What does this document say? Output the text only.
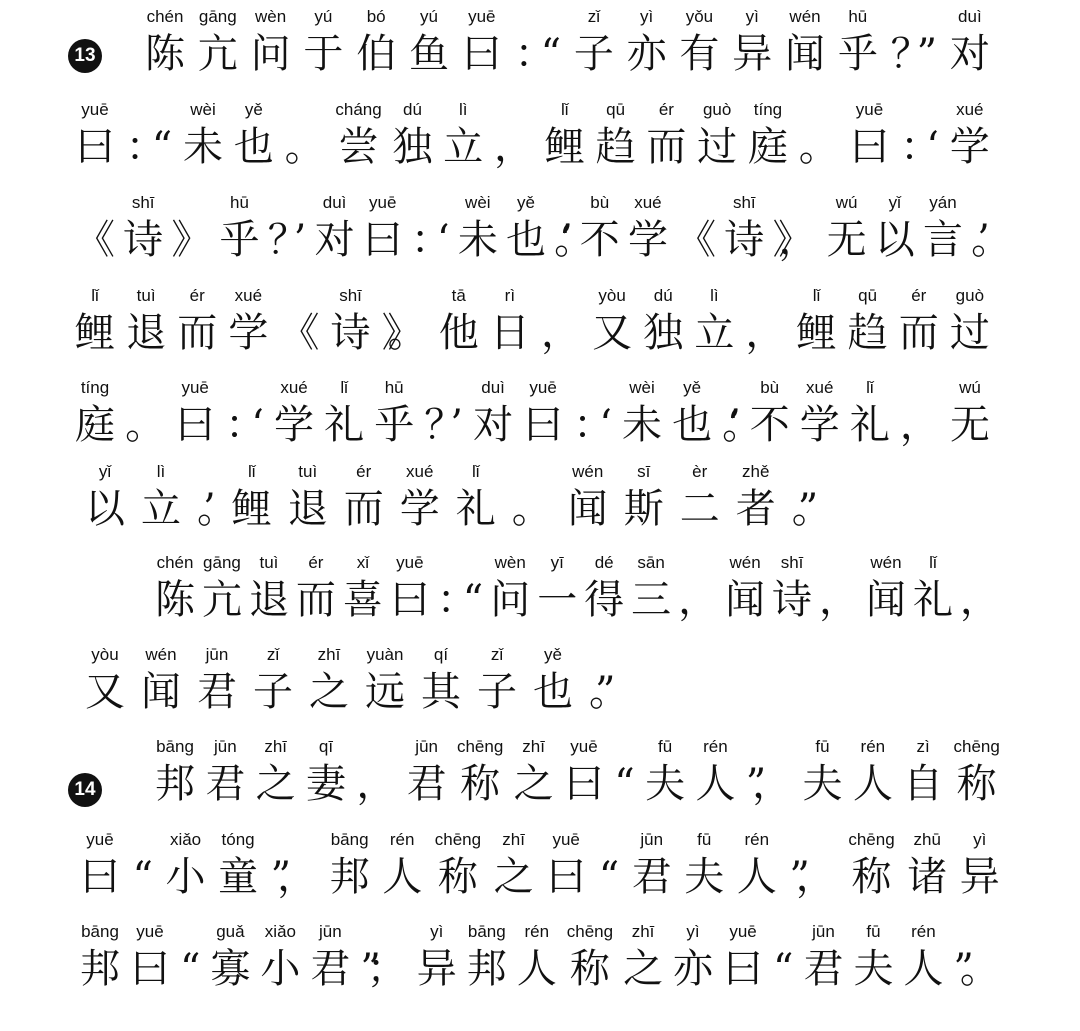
13
14
chén
陈
gāng
亢
wèn
问
yú
于
bó
伯
yú
鱼
yuē
曰 ：“
zǐ
子
yì
亦
yǒu
有
yì
异
wén
闻
hū
乎 ？”
duì
对
yuē
曰 ：“
wèi
未
yě
也 。
cháng
尝
dú
独
lì
立 ，
lǐ
鲤
qū
趋
ér
而
guò
过
tíng
庭 。
yuē
曰 ：‘
xué
学
《
shī
诗 》
hū
乎 ？’
duì
对
yuē
曰 ：‘
wèi
未
yě
也 。’‘
bù
不
xué
学 《
shī
诗 》，
wú
无
yǐ
以
yán
言 。’
lǐ
鲤
tuì
退
ér
而
xué
学 《
shī
诗 》。
tā
他
rì
日 ，
yòu
又
dú
独
lì
立 ，
lǐ
鲤
qū
趋
ér
而
guò
过
tíng
庭 。
yuē
曰 ：‘
xué
学
lǐ
礼
hū
乎 ？’
duì
对
yuē
曰 ：‘
wèi
未
yě
也 。’‘
bù
不
xué
学
lǐ
礼 ，
wú
无
yǐ
以
lì
立 。’
lǐ
鲤
tuì
退
ér
而
xué
学
lǐ
礼 。
wén
闻
sī
斯
èr
二
zhě
者 。”
chén
陈
gāng
亢
tuì
退
ér
而
xǐ
喜
yuē
曰 ：“
wèn
问
yī
一
dé
得
sān
三 ，
wén
闻
shī
诗 ，
wén
闻
lǐ
礼 ，
yòu
又
wén
闻
jūn
君
zǐ
子
zhī
之
yuàn
远
qí
其
zǐ
子
yě
也 。”
bāng
邦
jūn
君
zhī
之
qī
妻 ，
jūn
君
chēng
称
zhī
之
yuē
曰 “
fū
夫
rén
人 ”，
fū
夫
rén
人
zì
自
chēng
称
yuē
曰 “
xiǎo
小
tóng
童 ”，
bāng
邦
rén
人
chēng
称
zhī
之
yuē
曰 “
jūn
君
fū
夫
rén
人 ”，
chēng
称
zhū
诸
yì
异
bāng
邦
yuē
曰 “
guǎ
寡
xiǎo
小
jūn
君 ”；
yì
异
bāng
邦
rén
人
chēng
称
zhī
之
yì
亦
yuē
曰 “
jūn
君
fū
夫
rén
人 ”。
